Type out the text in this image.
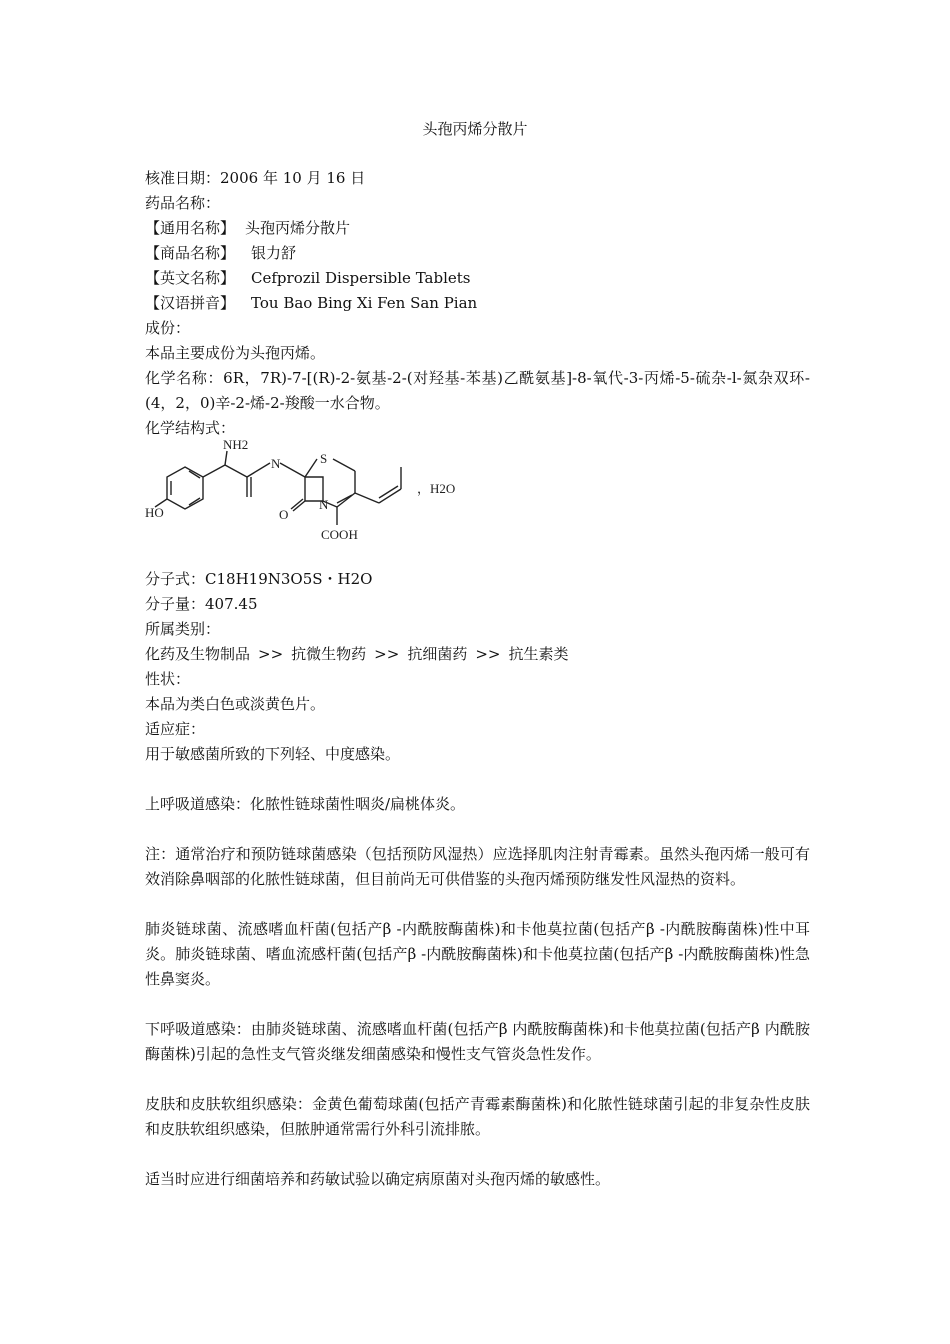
头孢丙烯分散片
核准日期：2006 年 10 月 16 日
药品名称：
【通用名称】 头孢丙烯分散片
【商品名称】 银力舒
【英文名称】 Cefprozil Dispersible Tablets
【汉语拼音】 Tou Bao Bing Xi Fen San Pian
成份：
本品主要成份为头孢丙烯。
化学名称：6R，7R)-7-[(R)-2-氨基-2-(对羟基-苯基)乙酰氨基]-8-氧代-3-丙烯-5-硫杂-l-氮杂双环-(4，2，0)辛-2-烯-2-羧酸一水合物。
化学结构式：
NH2
N	S
，H2O
HO	O
N
COOH
分子式：C18H19N3O5S・H2O
分子量：407.45
所属类别：
化药及生物制品 >> 抗微生物药 >> 抗细菌药 >> 抗生素类
性状：
本品为类白色或淡黄色片。
适应症：
用于敏感菌所致的下列轻、中度感染。
上呼吸道感染：化脓性链球菌性咽炎/扁桃体炎。
注：通常治疗和预防链球菌感染（包括预防风湿热）应选择肌肉注射青霉素。虽然头孢丙烯一般可有效消除鼻咽部的化脓性链球菌，但目前尚无可供借鉴的头孢丙烯预防继发性风湿热的资料。
肺炎链球菌、流感嗜血杆菌(包括产β -内酰胺酶菌株)和卡他莫拉菌(包括产β -内酰胺酶菌株)性中耳炎。肺炎链球菌、嗜血流感杆菌(包括产β -内酰胺酶菌株)和卡他莫拉菌(包括产β -内酰胺酶菌株)性急性鼻窦炎。
下呼吸道感染：由肺炎链球菌、流感嗜血杆菌(包括产β 内酰胺酶菌株)和卡他莫拉菌(包括产β 内酰胺酶菌株)引起的急性支气管炎继发细菌感染和慢性支气管炎急性发作。
皮肤和皮肤软组织感染：金黄色葡萄球菌(包括产青霉素酶菌株)和化脓性链球菌引起的非复杂性皮肤和皮肤软组织感染，但脓肿通常需行外科引流排脓。
适当时应进行细菌培养和药敏试验以确定病原菌对头孢丙烯的敏感性。
